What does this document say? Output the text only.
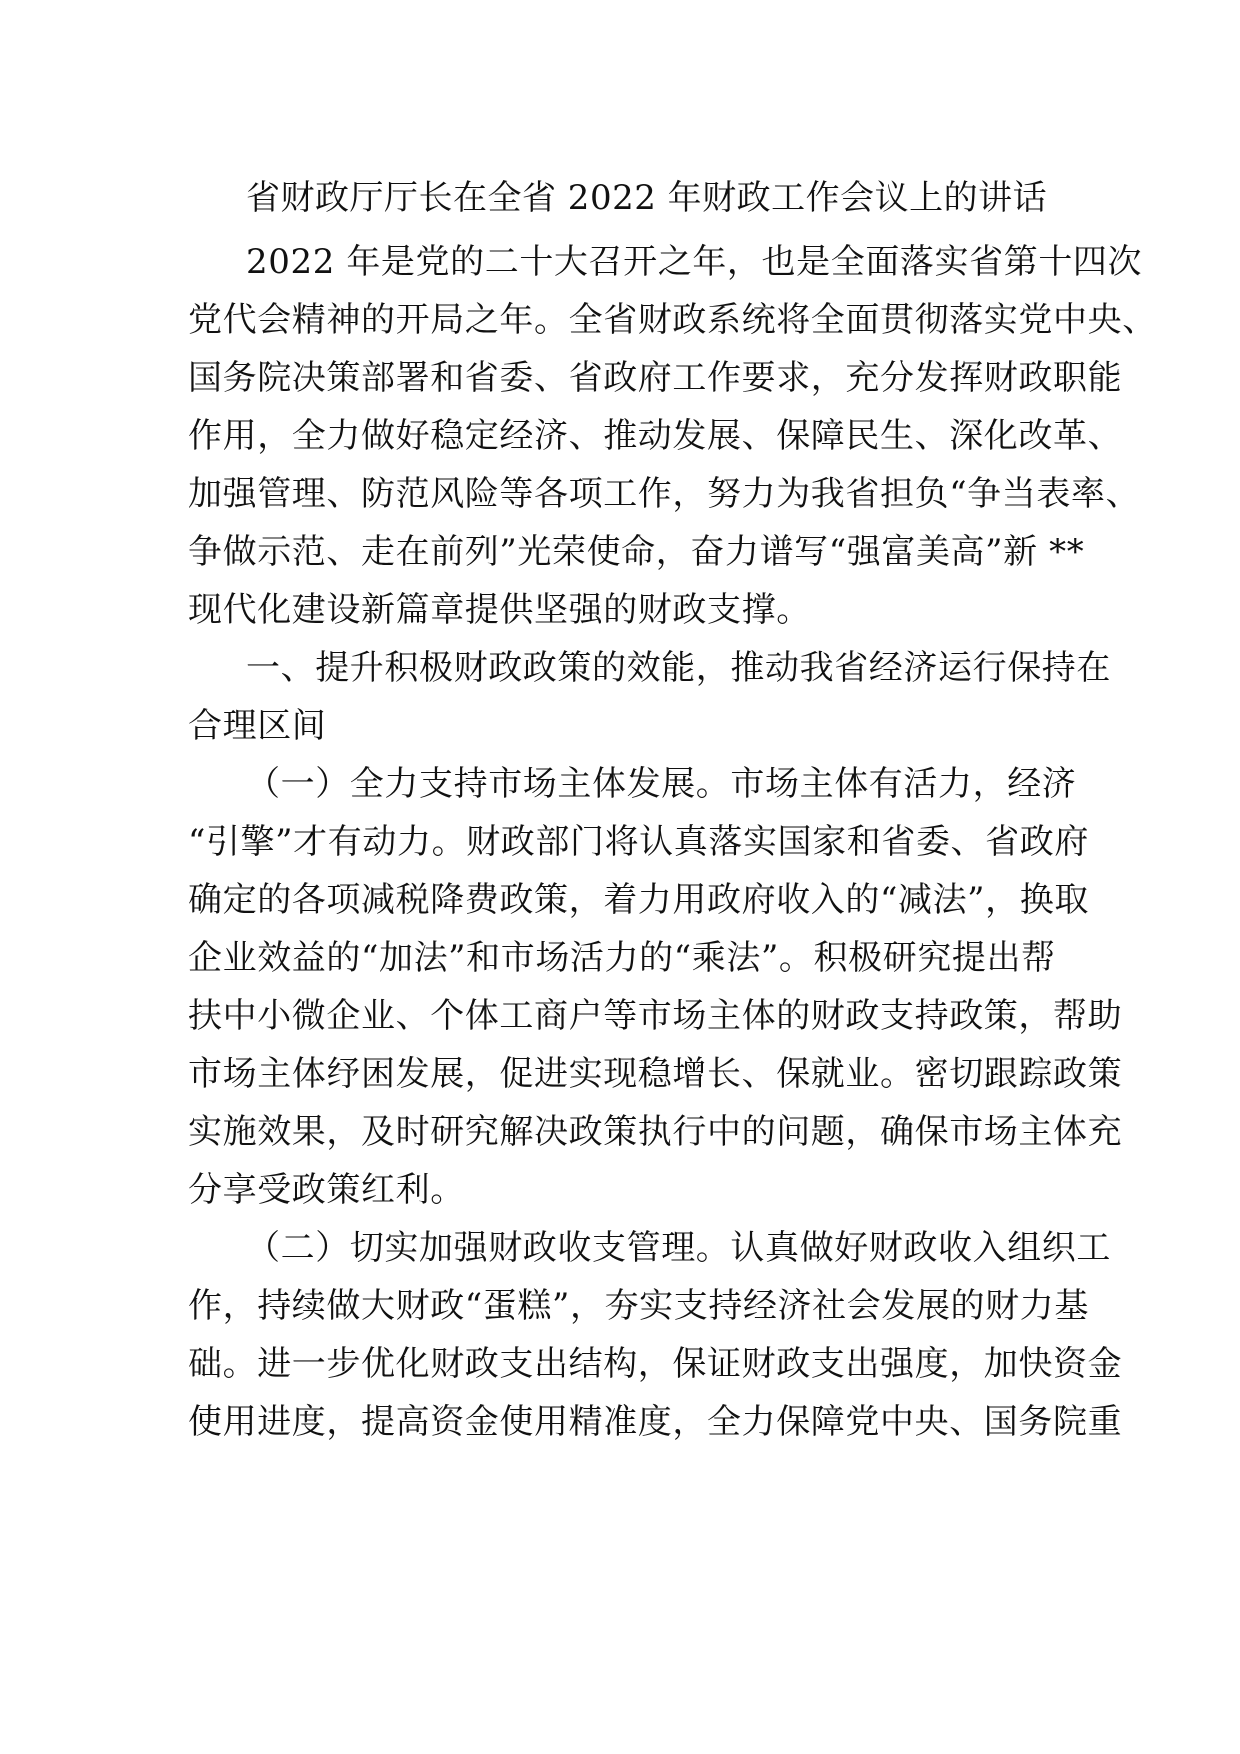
省财政厅厅长在全省 2022 年财政工作会议上的讲话
2022 年是党的二十大召开之年，也是全面落实省第十四次
党代会精神的开局之年。全省财政系统将全面贯彻落实党中央、
国务院决策部署和省委、省政府工作要求，充分发挥财政职能
作用，全力做好稳定经济、推动发展、保障民生、深化改革、
加强管理、防范风险等各项工作，努力为我省担负“争当表率、
争做示范、走在前列”光荣使命，奋力谱写“强富美高”新 **
现代化建设新篇章提供坚强的财政支撑。
一、提升积极财政政策的效能，推动我省经济运行保持在
合理区间
（一）全力支持市场主体发展。市场主体有活力，经济
“引擎”才有动力。财政部门将认真落实国家和省委、省政府
确定的各项减税降费政策，着力用政府收入的“减法”，换取
企业效益的“加法”和市场活力的“乘法”。积极研究提出帮
扶中小微企业、个体工商户等市场主体的财政支持政策，帮助
市场主体纾困发展，促进实现稳增长、保就业。密切跟踪政策
实施效果，及时研究解决政策执行中的问题，确保市场主体充
分享受政策红利。
（二）切实加强财政收支管理。认真做好财政收入组织工
作，持续做大财政“蛋糕”，夯实支持经济社会发展的财力基
础。进一步优化财政支出结构，保证财政支出强度，加快资金
使用进度，提高资金使用精准度，全力保障党中央、国务院重
